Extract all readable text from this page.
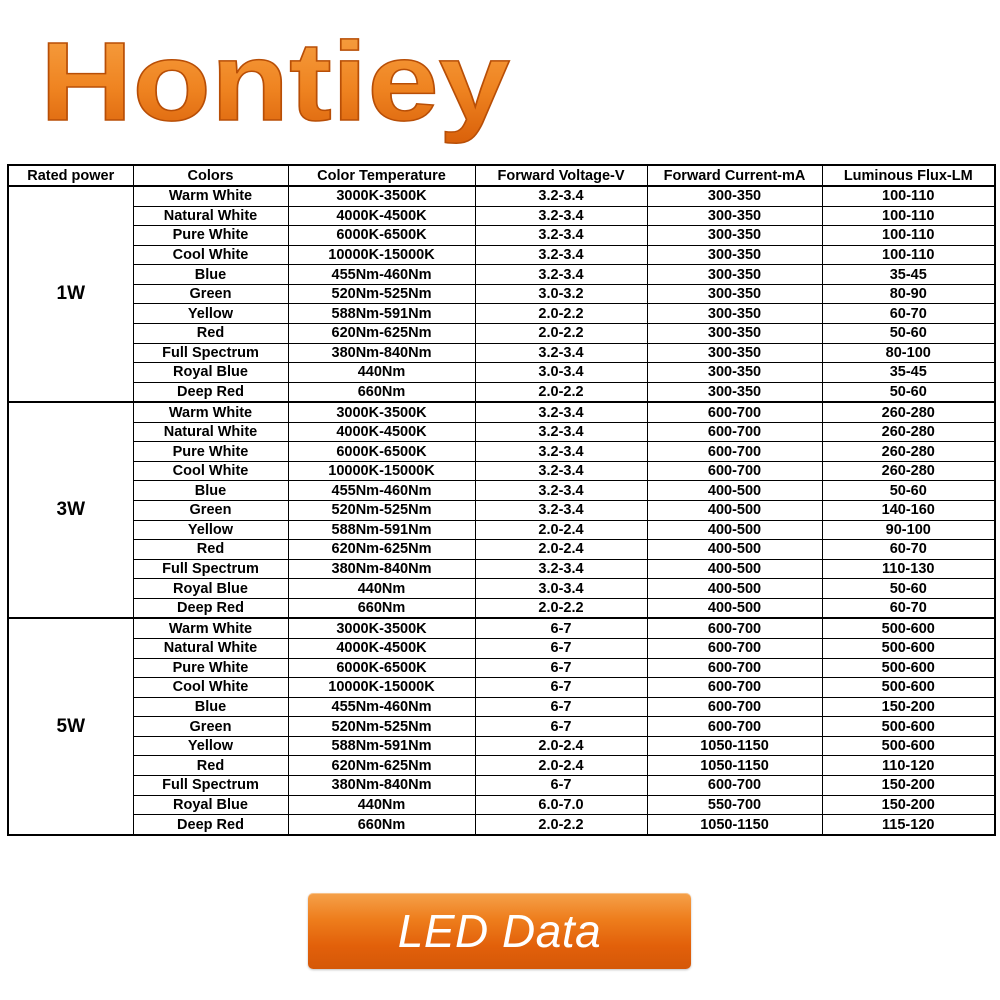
Hontiey
Rated power	Colors	Color Temperature	Forward Voltage-V	Forward Current-mA	Luminous Flux-LM
1W	Warm White	3000K-3500K	3.2-3.4	300-350	100-110
	Natural White	4000K-4500K	3.2-3.4	300-350	100-110
	Pure White	6000K-6500K	3.2-3.4	300-350	100-110
	Cool White	10000K-15000K	3.2-3.4	300-350	100-110
	Blue	455Nm-460Nm	3.2-3.4	300-350	35-45
	Green	520Nm-525Nm	3.0-3.2	300-350	80-90
	Yellow	588Nm-591Nm	2.0-2.2	300-350	60-70
	Red	620Nm-625Nm	2.0-2.2	300-350	50-60
	Full Spectrum	380Nm-840Nm	3.2-3.4	300-350	80-100
	Royal Blue	440Nm	3.0-3.4	300-350	35-45
	Deep Red	660Nm	2.0-2.2	300-350	50-60
3W	Warm White	3000K-3500K	3.2-3.4	600-700	260-280
	Natural White	4000K-4500K	3.2-3.4	600-700	260-280
	Pure White	6000K-6500K	3.2-3.4	600-700	260-280
	Cool White	10000K-15000K	3.2-3.4	600-700	260-280
	Blue	455Nm-460Nm	3.2-3.4	400-500	50-60
	Green	520Nm-525Nm	3.2-3.4	400-500	140-160
	Yellow	588Nm-591Nm	2.0-2.4	400-500	90-100
	Red	620Nm-625Nm	2.0-2.4	400-500	60-70
	Full Spectrum	380Nm-840Nm	3.2-3.4	400-500	110-130
	Royal Blue	440Nm	3.0-3.4	400-500	50-60
	Deep Red	660Nm	2.0-2.2	400-500	60-70
5W	Warm White	3000K-3500K	6-7	600-700	500-600
	Natural White	4000K-4500K	6-7	600-700	500-600
	Pure White	6000K-6500K	6-7	600-700	500-600
	Cool White	10000K-15000K	6-7	600-700	500-600
	Blue	455Nm-460Nm	6-7	600-700	150-200
	Green	520Nm-525Nm	6-7	600-700	500-600
	Yellow	588Nm-591Nm	2.0-2.4	1050-1150	500-600
	Red	620Nm-625Nm	2.0-2.4	1050-1150	110-120
	Full Spectrum	380Nm-840Nm	6-7	600-700	150-200
	Royal Blue	440Nm	6.0-7.0	550-700	150-200
	Deep Red	660Nm	2.0-2.2	1050-1150	115-120
LED Data
